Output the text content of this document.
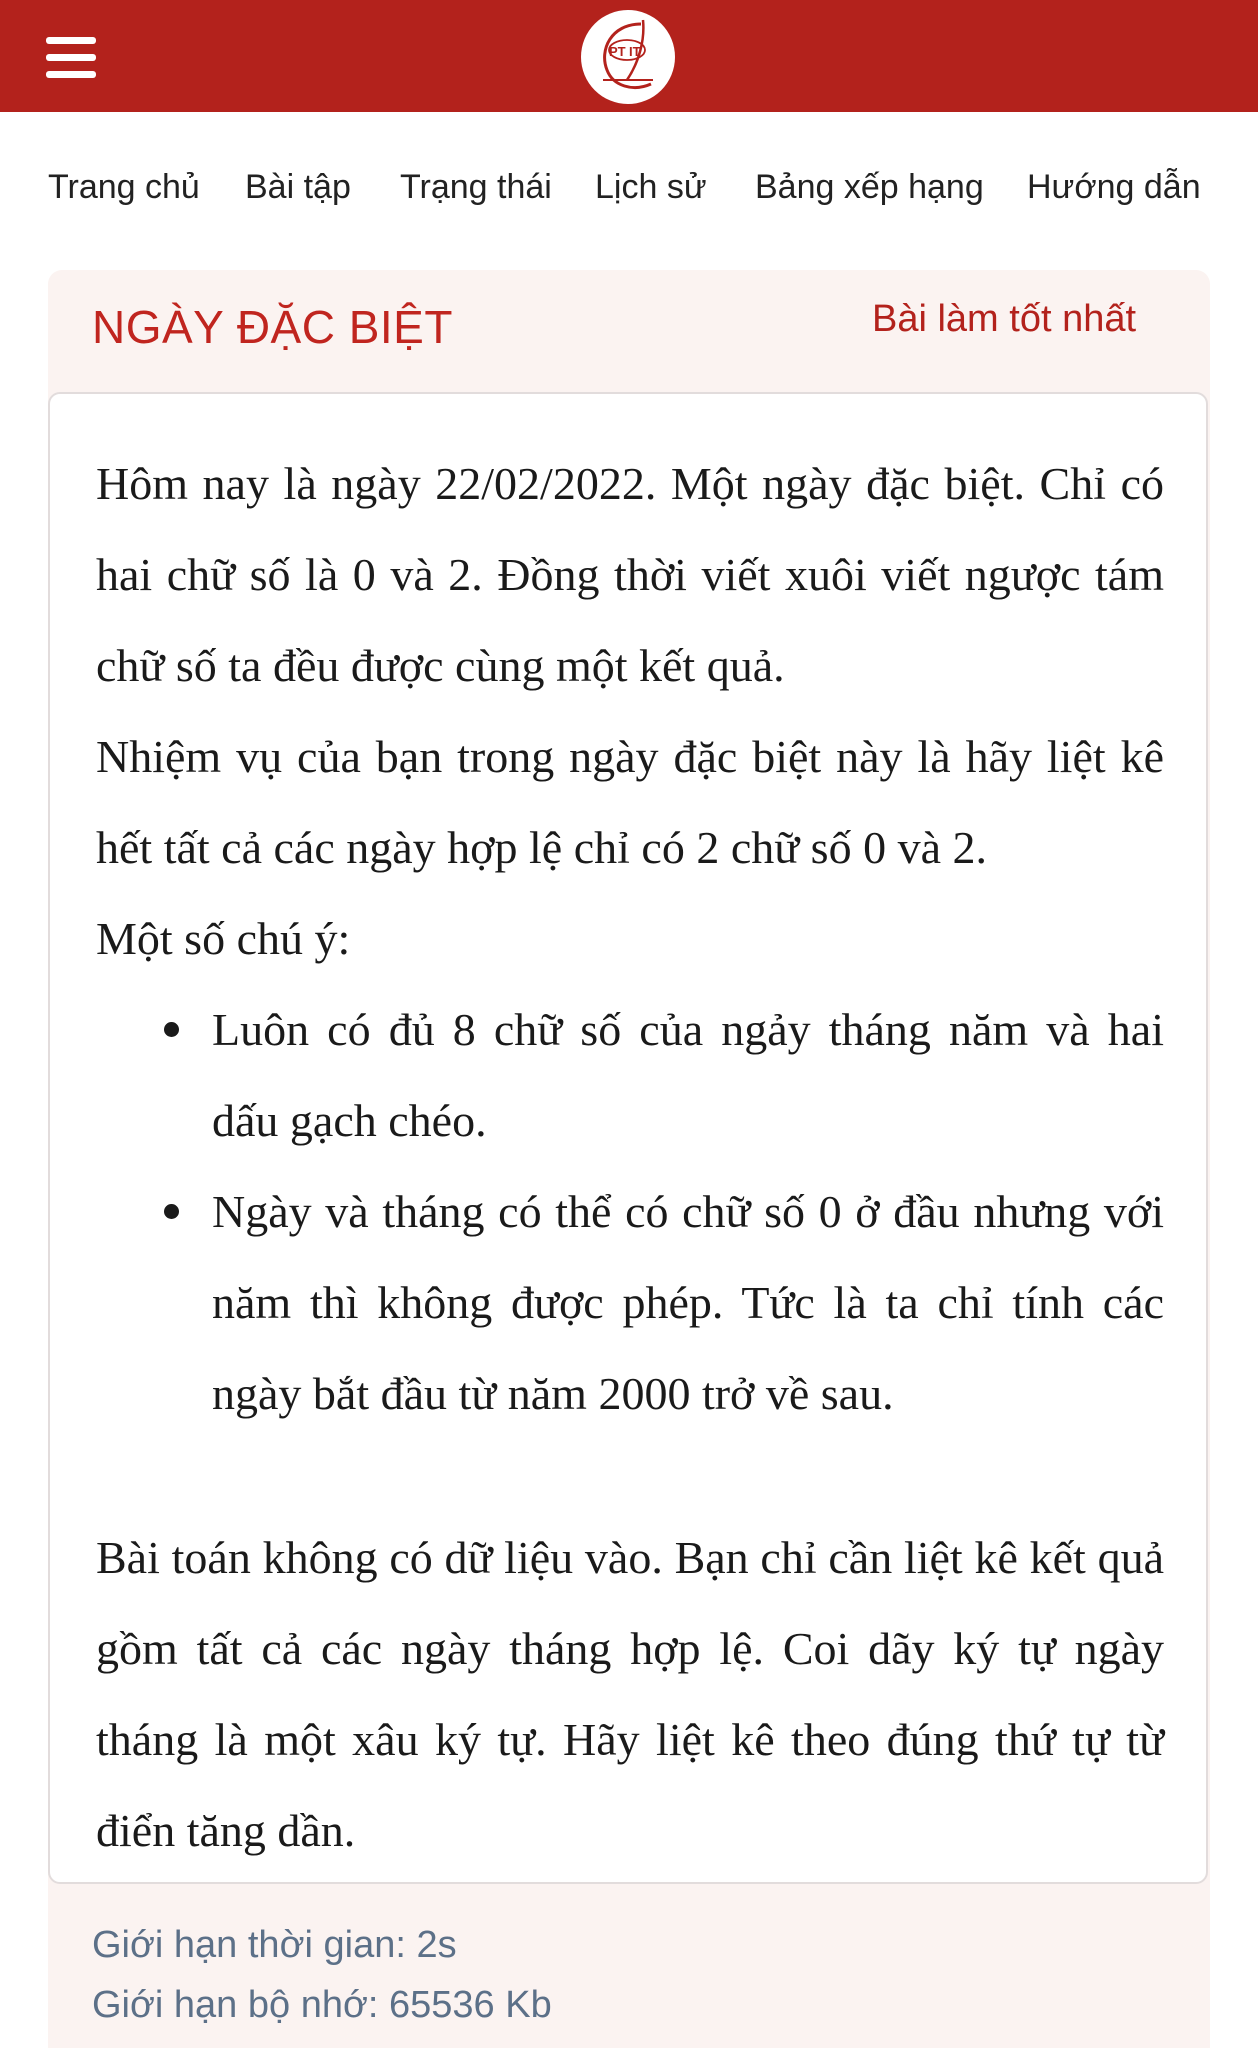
PT IT
Trang chủ Bài tập Trạng thái Lịch sử Bảng xếp hạng Hướng dẫn
NGÀY ĐẶC BIỆT	Bài làm tốt nhất

Hôm nay là ngày 22/02/2022. Một ngày đặc biệt. Chỉ có hai chữ số là 0 và 2. Đồng thời viết xuôi viết ngược tám chữ số ta đều được cùng một kết quả.

Nhiệm vụ của bạn trong ngày đặc biệt này là hãy liệt kê hết tất cả các ngày hợp lệ chỉ có 2 chữ số 0 và 2.

Một số chú ý:

Luôn có đủ 8 chữ số của ngảy tháng năm và hai dấu gạch chéo.

Ngày và tháng có thể có chữ số 0 ở đầu nhưng với năm thì không được phép. Tức là ta chỉ tính các ngày bắt đầu từ năm 2000 trở về sau.

Bài toán không có dữ liệu vào. Bạn chỉ cần liệt kê kết quả gồm tất cả các ngày tháng hợp lệ. Coi dãy ký tự ngày tháng là một xâu ký tự. Hãy liệt kê theo đúng thứ tự từ điển tăng dần.

Giới hạn thời gian: 2s
Giới hạn bộ nhớ: 65536 Kb
